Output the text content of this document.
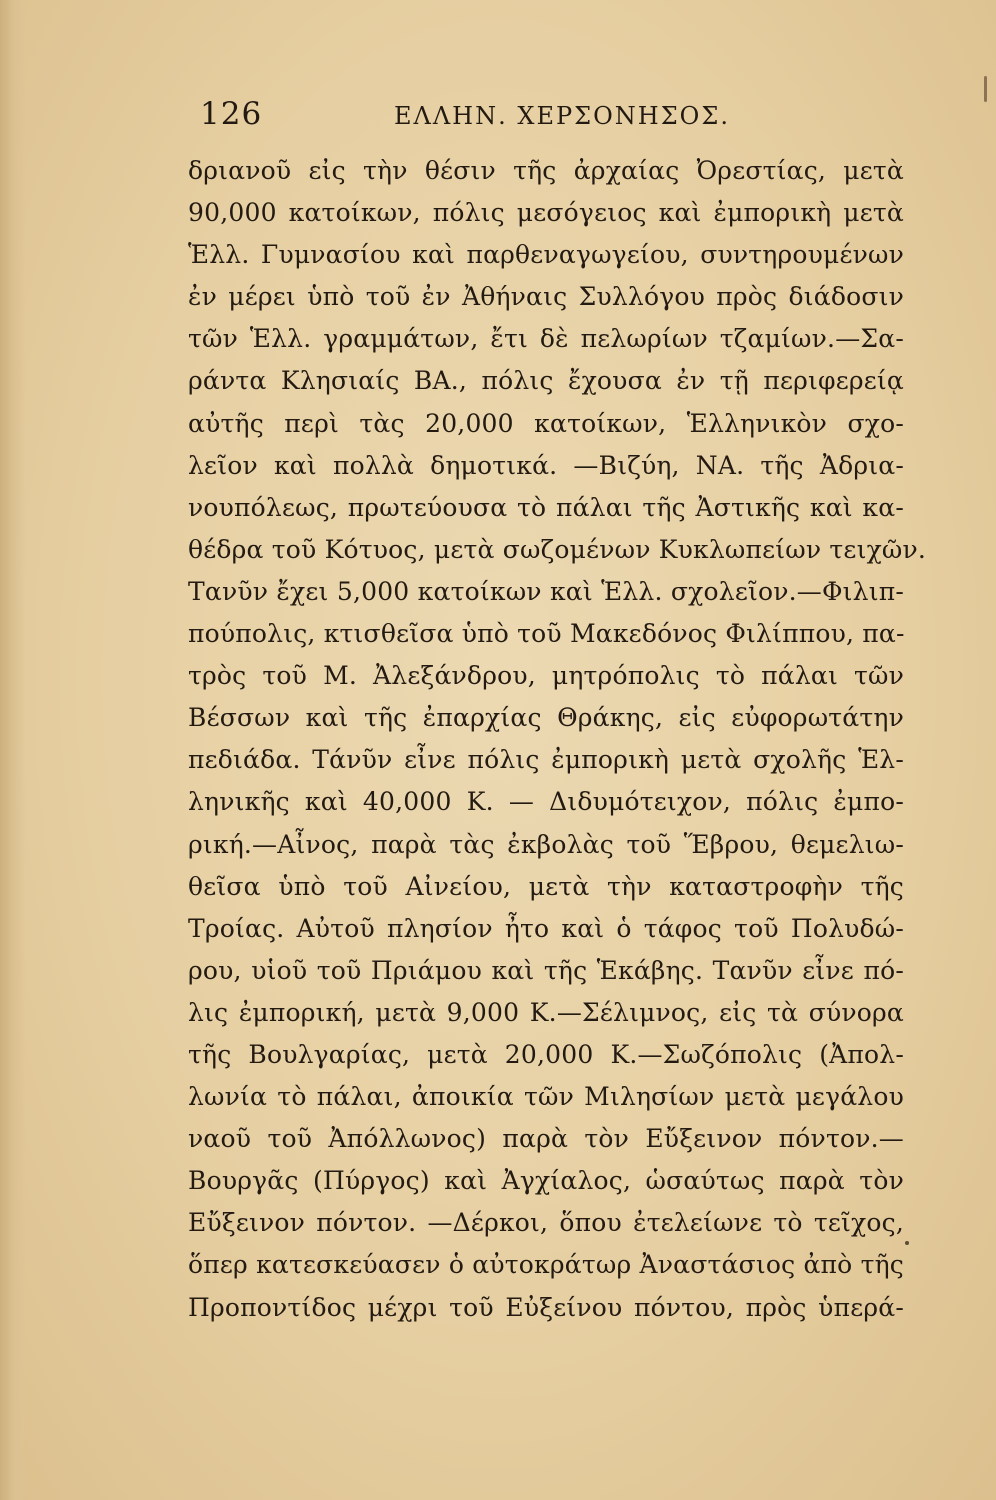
126	ΕΛΛΗΝ. ΧΕΡΣΟΝΗΣΟΣ.
δριανοῦ εἰς τὴν θέσιν τῆς ἀρχαίας Ὀρεστίας, μετὰ
90,000 κατοίκων, πόλις μεσόγειος καὶ ἐμπορικὴ μετὰ
Ἑλλ. Γυμνασίου καὶ παρθεναγωγείου, συντηρουμένων
ἐν μέρει ὑπὸ τοῦ ἐν Ἀθήναις Συλλόγου πρὸς διάδοσιν
τῶν Ἑλλ. γραμμάτων, ἔτι δὲ πελωρίων τζαμίων.—Σα-
ράντα Κλησιαίς ΒΑ., πόλις ἔχουσα ἐν τῇ περιφερείᾳ
αὐτῆς περὶ τὰς 20,000 κατοίκων, Ἑλληνικὸν σχο-
λεῖον καὶ πολλὰ δημοτικά. —Βιζύη, ΝΑ. τῆς Ἀδρια-
νουπόλεως, πρωτεύουσα τὸ πάλαι τῆς Ἀστικῆς καὶ κα-
θέδρα τοῦ Κότυος, μετὰ σωζομένων Κυκλωπείων τειχῶν.
Τανῦν ἔχει 5,000 κατοίκων καὶ Ἑλλ. σχολεῖον.—Φιλιπ-
πούπολις, κτισθεῖσα ὑπὸ τοῦ Μακεδόνος Φιλίππου, πα-
τρὸς τοῦ Μ. Ἀλεξάνδρου, μητρόπολις τὸ πάλαι τῶν
Βέσσων καὶ τῆς ἐπαρχίας Θράκης, εἰς εὐφορωτάτην
πεδιάδα. Τάνῦν εἶνε πόλις ἐμπορικὴ μετὰ σχολῆς Ἑλ-
ληνικῆς καὶ 40,000 Κ. — Διδυμότειχον, πόλις ἐμπο-
ρική.—Αἶνος, παρὰ τὰς ἐκβολὰς τοῦ Ἕβρου, θεμελιω-
θεῖσα ὑπὸ τοῦ Αἰνείου, μετὰ τὴν καταστροφὴν τῆς
Τροίας. Αὐτοῦ πλησίον ἦτο καὶ ὁ τάφος τοῦ Πολυδώ-
ρου, υἱοῦ τοῦ Πριάμου καὶ τῆς Ἑκάβης. Τανῦν εἶνε πό-
λις ἐμπορική, μετὰ 9,000 Κ.—Σέλιμνος, εἰς τὰ σύνορα
τῆς Βουλγαρίας, μετὰ 20,000 Κ.—Σωζόπολις (Ἀπολ-
λωνία τὸ πάλαι, ἀποικία τῶν Μιλησίων μετὰ μεγάλου
ναοῦ τοῦ Ἀπόλλωνος) παρὰ τὸν Εὔξεινον πόντον.—
Βουργᾶς (Πύργος) καὶ Ἀγχίαλος, ὡσαύτως παρὰ τὸν
Εὔξεινον πόντον. —Δέρκοι, ὅπου ἐτελείωνε τὸ τεῖχος,
ὅπερ κατεσκεύασεν ὁ αὐτοκράτωρ Ἀναστάσιος ἀπὸ τῆς
Προποντίδος μέχρι τοῦ Εὐξείνου πόντου, πρὸς ὑπερά-
